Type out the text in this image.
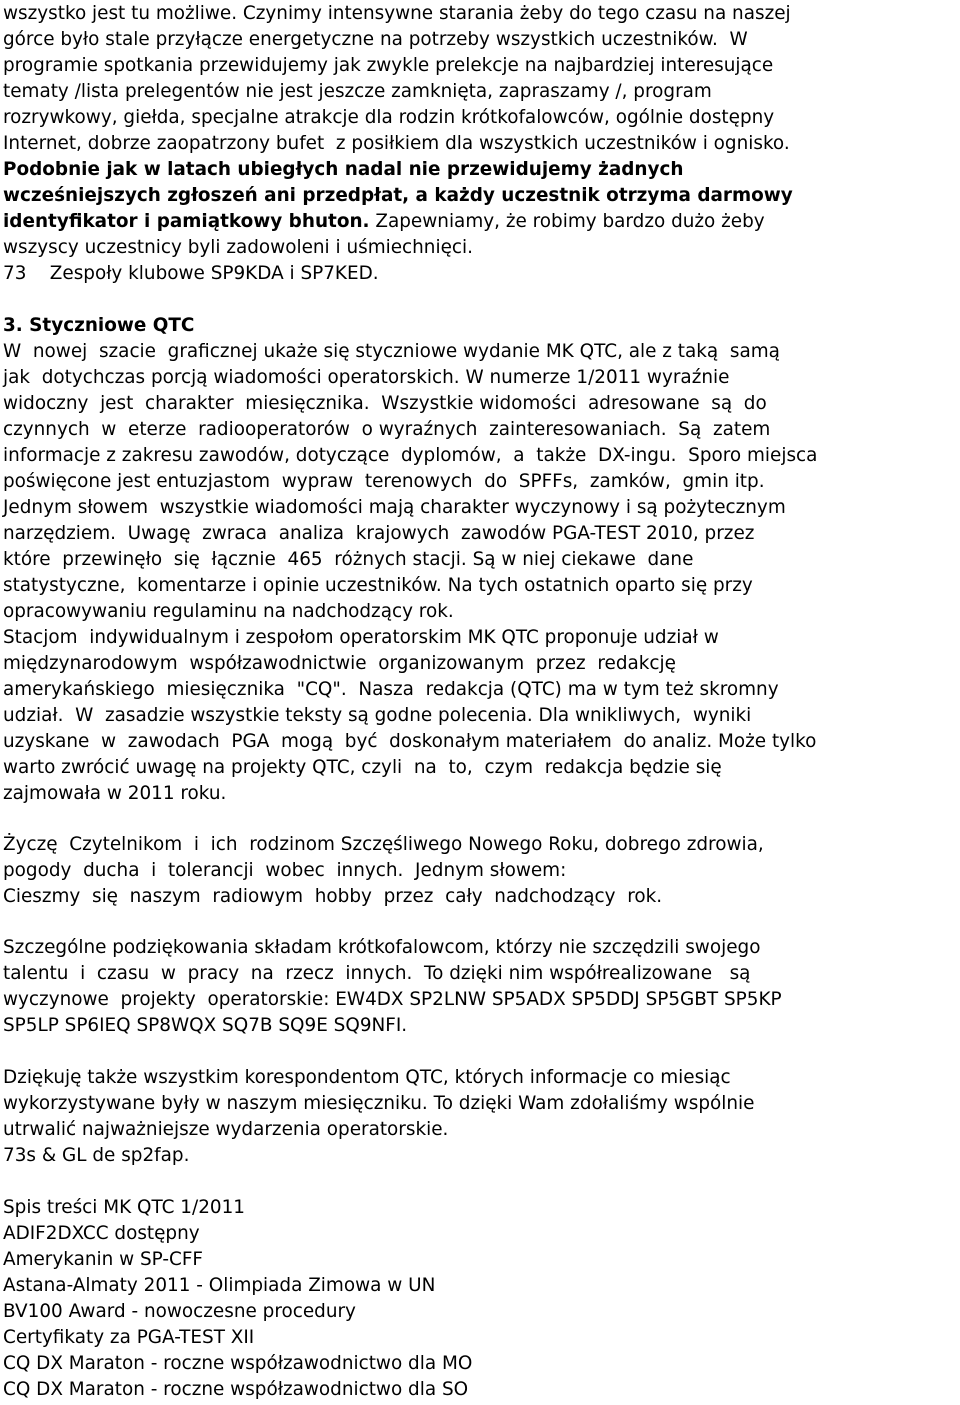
wszystko jest tu możliwe. Czynimy intensywne starania żeby do tego czasu na naszej
górce było stale przyłącze energetyczne na potrzeby wszystkich uczestników.  W
programie spotkania przewidujemy jak zwykle prelekcje na najbardziej interesujące
tematy /lista prelegentów nie jest jeszcze zamknięta, zapraszamy /, program
rozrywkowy, giełda, specjalne atrakcje dla rodzin krótkofalowców, ogólnie dostępny
Internet, dobrze zaopatrzony bufet  z posiłkiem dla wszystkich uczestników i ognisko.
Podobnie jak w latach ubiegłych nadal nie przewidujemy żadnych
wcześniejszych zgłoszeń ani przedpłat, a każdy uczestnik otrzyma darmowy
identyfikator i pamiątkowy bhuton. Zapewniamy, że robimy bardzo dużo żeby
wszyscy uczestnicy byli zadowoleni i uśmiechnięci.
73    Zespoły klubowe SP9KDA i SP7KED.
3. Styczniowe QTC
W  nowej  szacie  graficznej ukaże się styczniowe wydanie MK QTC, ale z taką  samą
jak  dotychczas porcją wiadomości operatorskich. W numerze 1/2011 wyraźnie
widoczny  jest  charakter  miesięcznika.  Wszystkie widomości  adresowane  są  do
czynnych  w  eterze  radiooperatorów  o wyraźnych  zainteresowaniach.  Są  zatem
informacje z zakresu zawodów, dotyczące  dyplomów,  a  także  DX-ingu.  Sporo miejsca
poświęcone jest entuzjastom  wypraw  terenowych  do  SPFFs,  zamków,  gmin itp.
Jednym słowem  wszystkie wiadomości mają charakter wyczynowy i są pożytecznym
narzędziem.  Uwagę  zwraca  analiza  krajowych  zawodów PGA-TEST 2010, przez
które  przewinęło  się  łącznie  465  różnych stacji. Są w niej ciekawe  dane
statystyczne,  komentarze i opinie uczestników. Na tych ostatnich oparto się przy
opracowywaniu regulaminu na nadchodzący rok.
Stacjom  indywidualnym i zespołom operatorskim MK QTC proponuje udział w
międzynarodowym  współzawodnictwie  organizowanym  przez  redakcję
amerykańskiego  miesięcznika  "CQ".  Nasza  redakcja (QTC) ma w tym też skromny
udział.  W  zasadzie wszystkie teksty są godne polecenia. Dla wnikliwych,  wyniki
uzyskane  w  zawodach  PGA  mogą  być  doskonałym materiałem  do analiz. Może tylko
warto zwrócić uwagę na projekty QTC, czyli  na  to,  czym  redakcja będzie się
zajmowała w 2011 roku.
Życzę  Czytelnikom  i  ich  rodzinom Szczęśliwego Nowego Roku, dobrego zdrowia,
pogody  ducha  i  tolerancji  wobec  innych.  Jednym słowem:
Cieszmy  się  naszym  radiowym  hobby  przez  cały  nadchodzący  rok.
Szczególne podziękowania składam krótkofalowcom, którzy nie szczędzili swojego
talentu  i  czasu  w  pracy  na  rzecz  innych.  To dzięki nim współrealizowane   są
wyczynowe  projekty  operatorskie: EW4DX SP2LNW SP5ADX SP5DDJ SP5GBT SP5KP
SP5LP SP6IEQ SP8WQX SQ7B SQ9E SQ9NFI.
Dziękuję także wszystkim korespondentom QTC, których informacje co miesiąc
wykorzystywane były w naszym miesięczniku. To dzięki Wam zdołaliśmy wspólnie
utrwalić najważniejsze wydarzenia operatorskie.
73s & GL de sp2fap.
Spis treści MK QTC 1/2011
ADIF2DXCC dostępny
Amerykanin w SP-CFF
Astana-Almaty 2011 - Olimpiada Zimowa w UN
BV100 Award - nowoczesne procedury
Certyfikaty za PGA-TEST XII
CQ DX Maraton - roczne współzawodnictwo dla MO
CQ DX Maraton - roczne współzawodnictwo dla SO
